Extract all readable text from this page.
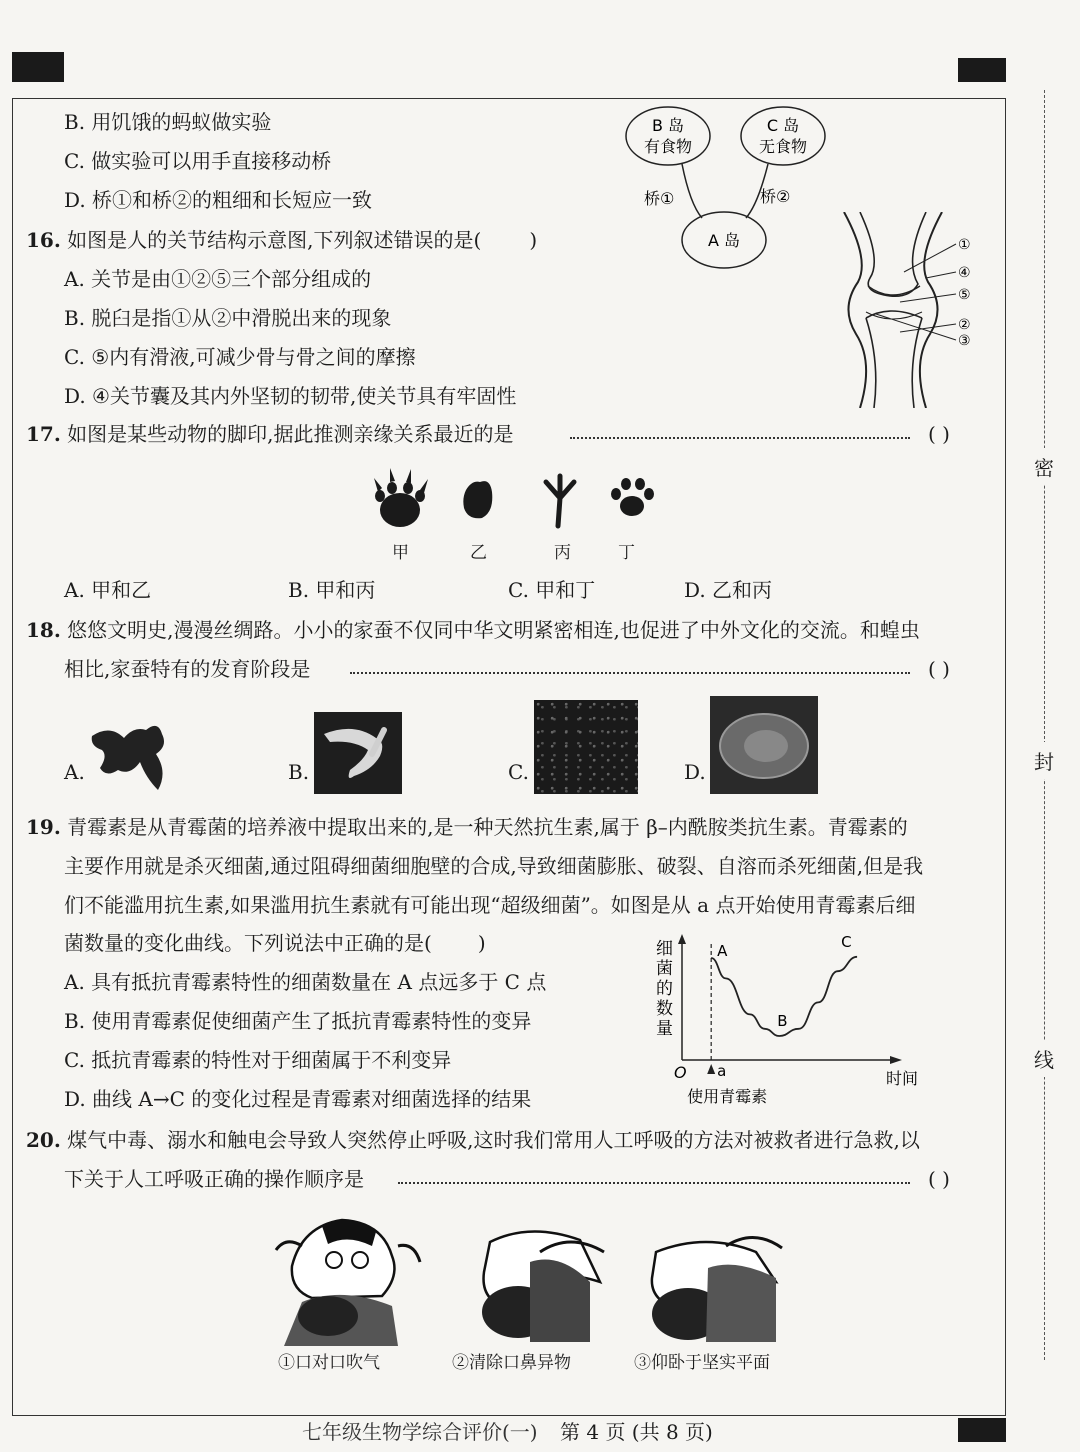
密
封
线
B. 用饥饿的蚂蚁做实验
C. 做实验可以用手直接移动桥
D. 桥①和桥②的粗细和长短应一致
B 岛
有食物
C 岛
无食物
A 岛
桥①	桥②
16. 如图是人的关节结构示意图,下列叙述错误的是( )
A. 关节是由①②⑤三个部分组成的
B. 脱臼是指①从②中滑脱出来的现象
C. ⑤内有滑液,可减少骨与骨之间的摩擦
D. ④关节囊及其内外坚韧的韧带,使关节具有牢固性
①
④
⑤
②
③
17. 如图是某些动物的脚印,据此推测亲缘关系最近的是	( )
甲	乙	丙	丁
A. 甲和乙	B. 甲和丙	C. 甲和丁	D. 乙和丙
18. 悠悠文明史,漫漫丝绸路。小小的家蚕不仅同中华文明紧密相连,也促进了中外文化的交流。和蝗虫
相比,家蚕特有的发育阶段是	( )
A.	B.	C.	D.
19. 青霉素是从青霉菌的培养液中提取出来的,是一种天然抗生素,属于 β–内酰胺类抗生素。青霉素的
主要作用就是杀灭细菌,通过阻碍细菌细胞壁的合成,导致细菌膨胀、破裂、自溶而杀死细菌,但是我
们不能滥用抗生素,如果滥用抗生素就有可能出现“超级细菌”。如图是从 a 点开始使用青霉素后细
菌数量的变化曲线。下列说法中正确的是( )
A. 具有抵抗青霉素特性的细菌数量在 A 点远多于 C 点
B. 使用青霉素促使细菌产生了抵抗青霉素特性的变异
C. 抵抗青霉素的特性对于细菌属于不利变异
D. 曲线 A→C 的变化过程是青霉素对细菌选择的结果
细
菌
的
数
量
O	时间
a
使用青霉素
A
B
C
20. 煤气中毒、溺水和触电会导致人突然停止呼吸,这时我们常用人工呼吸的方法对被救者进行急救,以
下关于人工呼吸正确的操作顺序是	( )
①口对口吹气	②清除口鼻异物	③仰卧于坚实平面
七年级生物学综合评价(一) 第 4 页 (共 8 页)
